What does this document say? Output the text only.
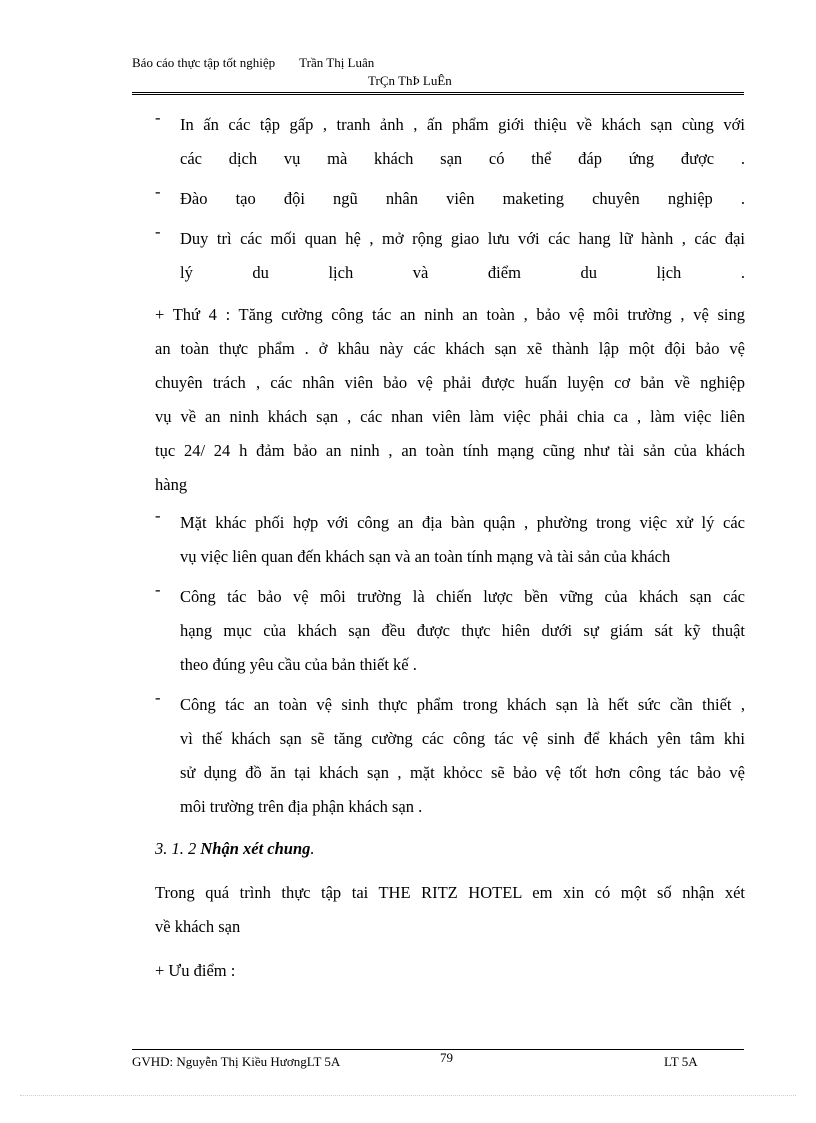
Báo cáo thực tập tốt nghiệp Trần Thị Luân
TrÇn ThÞ LuÊn
- In ấn các tập gấp , tranh ảnh , ấn phẩm giới thiệu về khách sạn cùng với
các dịch vụ mà khách sạn có thể đáp ứng được .
- Đào tạo đội ngũ nhân viên maketing chuyên nghiệp .
- Duy trì các mối quan hệ , mở rộng giao lưu với các hang lữ hành , các đại
lý du lịch và điểm du lịch .
+ Thứ 4 : Tăng cường công tác an ninh an toàn , bảo vệ môi trường , vệ sing
an toàn thực phẩm . ở khâu này các khách sạn xẽ thành lập một đội bảo vệ
chuyên trách , các nhân viên bảo vệ phải được huấn luyện cơ bản về nghiệp
vụ về an ninh khách sạn , các nhan viên làm việc phải chia ca , làm việc liên
tục 24/ 24 h đảm bảo an ninh , an toàn tính mạng cũng như tài sản của khách
hàng
- Mặt khác phối hợp với công an địa bàn quận , phường trong việc xử lý các
vụ việc liên quan đến khách sạn và an toàn tính mạng và tài sản của khách
- Công tác bảo vệ môi trường là chiến lược bền vững của khách sạn các
hạng mục của khách sạn đều được thực hiên dưới sự giám sát kỹ thuật
theo đúng yêu cầu của bản thiết kế .
- Công tác an toàn vệ sinh thực phẩm trong khách sạn là hết sức cần thiết ,
vì thế khách sạn sẽ tăng cường các công tác vệ sinh để khách yên tâm khi
sử dụng đồ ăn tại khách sạn , mặt khỏcc sẽ bảo vệ tốt hơn công tác bảo vệ
môi trường trên địa phận khách sạn .
3. 1. 2 Nhận xét chung.
Trong quá trình thực tập tai THE RITZ HOTEL em xin có một số nhận xét
về khách sạn
+ Ưu điểm :
GVHD: Nguyễn Thị Kiều HươngLT 5A	79	LT 5A
